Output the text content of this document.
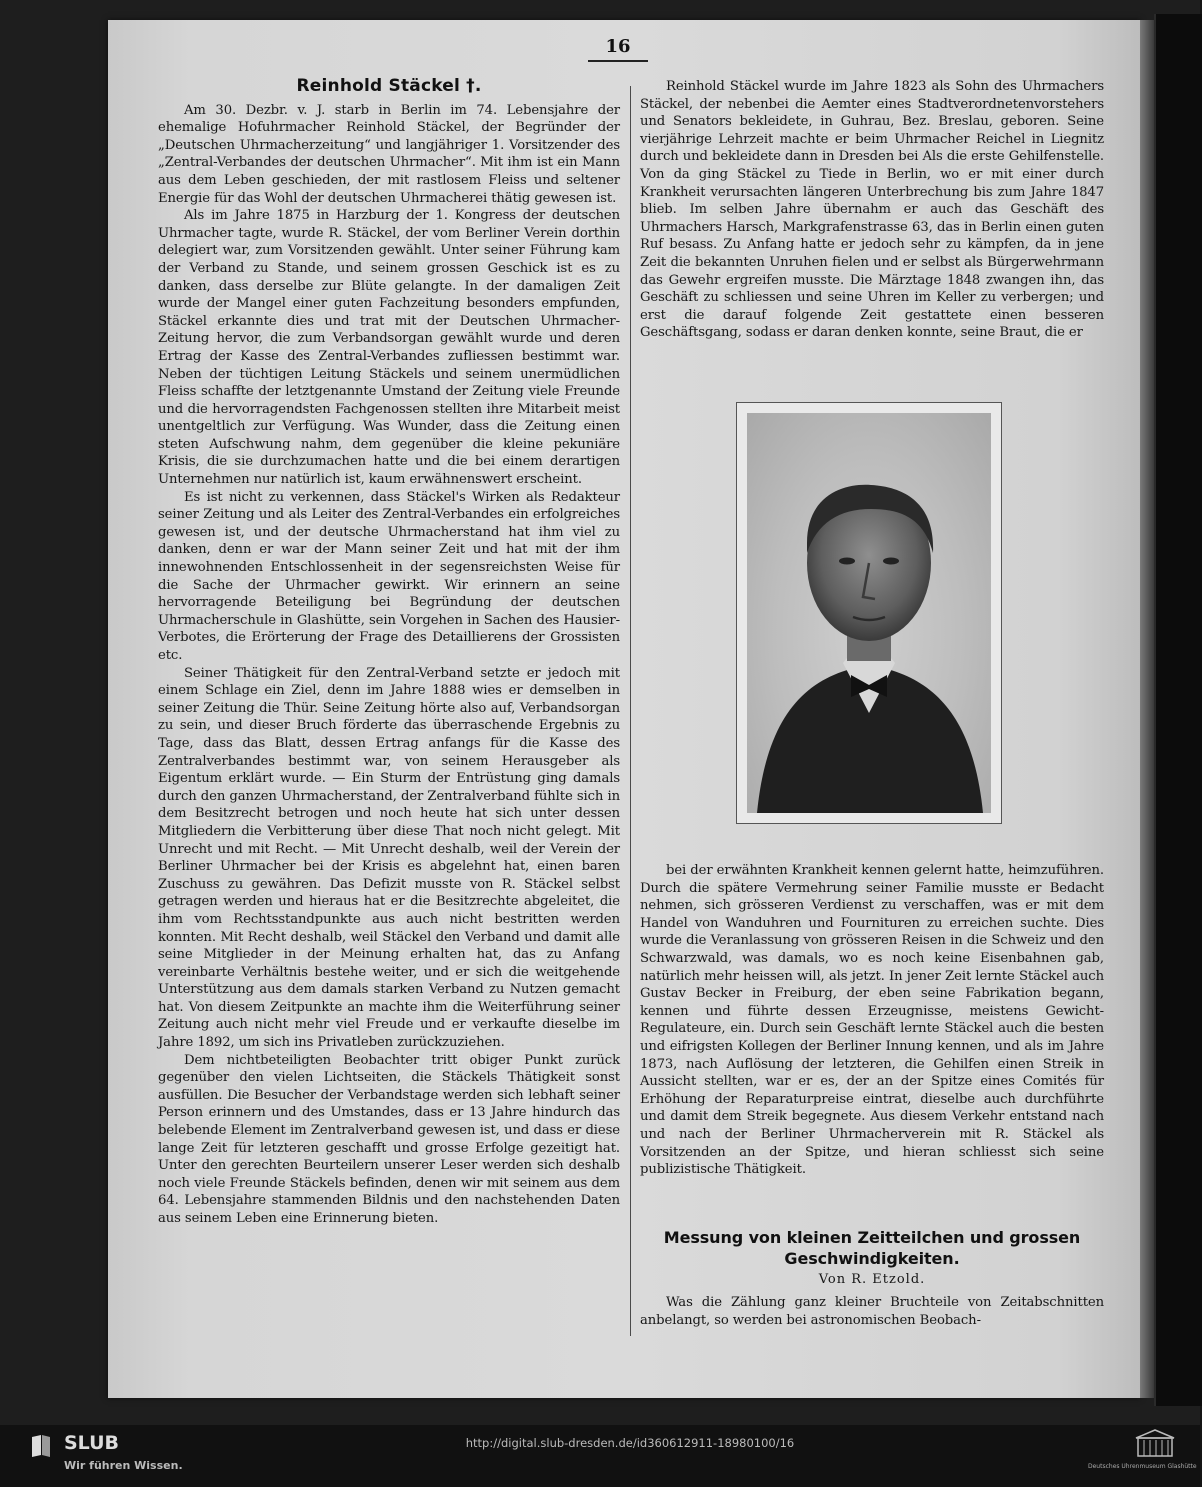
16
Reinhold Stäckel †.

Am 30. Dezbr. v. J. starb in Berlin im 74. Lebensjahre der ehemalige Hofuhrmacher Reinhold Stäckel, der Begründer der „Deutschen Uhrmacherzeitung“ und langjähriger 1. Vorsitzender des „Zentral-Verbandes der deutschen Uhrmacher“. Mit ihm ist ein Mann aus dem Leben geschieden, der mit rastlosem Fleiss und seltener Energie für das Wohl der deutschen Uhrmacherei thätig gewesen ist.

Als im Jahre 1875 in Harzburg der 1. Kongress der deutschen Uhrmacher tagte, wurde R. Stäckel, der vom Berliner Verein dorthin delegiert war, zum Vorsitzenden gewählt. Unter seiner Führung kam der Verband zu Stande, und seinem grossen Geschick ist es zu danken, dass derselbe zur Blüte gelangte. In der damaligen Zeit wurde der Mangel einer guten Fachzeitung besonders empfunden, Stäckel erkannte dies und trat mit der Deutschen Uhrmacher-Zeitung hervor, die zum Verbandsorgan gewählt wurde und deren Ertrag der Kasse des Zentral-Verbandes zufliessen bestimmt war. Neben der tüchtigen Leitung Stäckels und seinem unermüdlichen Fleiss schaffte der letztgenannte Umstand der Zeitung viele Freunde und die hervorragendsten Fachgenossen stellten ihre Mitarbeit meist unentgeltlich zur Verfügung. Was Wunder, dass die Zeitung einen steten Aufschwung nahm, dem gegenüber die kleine pekuniäre Krisis, die sie durchzumachen hatte und die bei einem derartigen Unternehmen nur natürlich ist, kaum erwähnenswert erscheint.

Es ist nicht zu verkennen, dass Stäckel's Wirken als Redakteur seiner Zeitung und als Leiter des Zentral-Verbandes ein erfolgreiches gewesen ist, und der deutsche Uhrmacherstand hat ihm viel zu danken, denn er war der Mann seiner Zeit und hat mit der ihm innewohnenden Entschlossenheit in der segensreichsten Weise für die Sache der Uhrmacher gewirkt. Wir erinnern an seine hervorragende Beteiligung bei Begründung der deutschen Uhrmacherschule in Glashütte, sein Vorgehen in Sachen des Hausier-Verbotes, die Erörterung der Frage des Detaillierens der Grossisten etc.

Seiner Thätigkeit für den Zentral-Verband setzte er jedoch mit einem Schlage ein Ziel, denn im Jahre 1888 wies er demselben in seiner Zeitung die Thür. Seine Zeitung hörte also auf, Verbandsorgan zu sein, und dieser Bruch förderte das überraschende Ergebnis zu Tage, dass das Blatt, dessen Ertrag anfangs für die Kasse des Zentralverbandes bestimmt war, von seinem Herausgeber als Eigentum erklärt wurde. — Ein Sturm der Entrüstung ging damals durch den ganzen Uhrmacherstand, der Zentralverband fühlte sich in dem Besitzrecht betrogen und noch heute hat sich unter dessen Mitgliedern die Verbitterung über diese That noch nicht gelegt. Mit Unrecht und mit Recht. — Mit Unrecht deshalb, weil der Verein der Berliner Uhrmacher bei der Krisis es abgelehnt hat, einen baren Zuschuss zu gewähren. Das Defizit musste von R. Stäckel selbst getragen werden und hieraus hat er die Besitzrechte abgeleitet, die ihm vom Rechtsstandpunkte aus auch nicht bestritten werden konnten. Mit Recht deshalb, weil Stäckel den Verband und damit alle seine Mitglieder in der Meinung erhalten hat, das zu Anfang vereinbarte Verhältnis bestehe weiter, und er sich die weitgehende Unterstützung aus dem damals starken Verband zu Nutzen gemacht hat. Von diesem Zeitpunkte an machte ihm die Weiterführung seiner Zeitung auch nicht mehr viel Freude und er verkaufte dieselbe im Jahre 1892, um sich ins Privatleben zurückzuziehen.

Dem nichtbeteiligten Beobachter tritt obiger Punkt zurück gegenüber den vielen Lichtseiten, die Stäckels Thätigkeit sonst ausfüllen. Die Besucher der Verbandstage werden sich lebhaft seiner Person erinnern und des Umstandes, dass er 13 Jahre hindurch das belebende Element im Zentralverband gewesen ist, und dass er diese lange Zeit für letzteren geschafft und grosse Erfolge gezeitigt hat. Unter den gerechten Beurteilern unserer Leser werden sich deshalb noch viele Freunde Stäckels befinden, denen wir mit seinem aus dem 64. Lebensjahre stammenden Bildnis und den nachstehenden Daten aus seinem Leben eine Erinnerung bieten.

Reinhold Stäckel wurde im Jahre 1823 als Sohn des Uhrmachers Stäckel, der nebenbei die Aemter eines Stadtverordnetenvorstehers und Senators bekleidete, in Guhrau, Bez. Breslau, geboren. Seine vierjährige Lehrzeit machte er beim Uhrmacher Reichel in Liegnitz durch und bekleidete dann in Dresden bei Als die erste Gehilfenstelle. Von da ging Stäckel zu Tiede in Berlin, wo er mit einer durch Krankheit verursachten längeren Unterbrechung bis zum Jahre 1847 blieb. Im selben Jahre übernahm er auch das Geschäft des Uhrmachers Harsch, Markgrafenstrasse 63, das in Berlin einen guten Ruf besass. Zu Anfang hatte er jedoch sehr zu kämpfen, da in jene Zeit die bekannten Unruhen fielen und er selbst als Bürgerwehrmann das Gewehr ergreifen musste. Die Märztage 1848 zwangen ihn, das Geschäft zu schliessen und seine Uhren im Keller zu verbergen; und erst die darauf folgende Zeit gestattete einen besseren Geschäftsgang, sodass er daran denken konnte, seine Braut, die er

bei der erwähnten Krankheit kennen gelernt hatte, heimzuführen. Durch die spätere Vermehrung seiner Familie musste er Bedacht nehmen, sich grösseren Verdienst zu verschaffen, was er mit dem Handel von Wanduhren und Fournituren zu erreichen suchte. Dies wurde die Veranlassung von grösseren Reisen in die Schweiz und den Schwarzwald, was damals, wo es noch keine Eisenbahnen gab, natürlich mehr heissen will, als jetzt. In jener Zeit lernte Stäckel auch Gustav Becker in Freiburg, der eben seine Fabrikation begann, kennen und führte dessen Erzeugnisse, meistens Gewicht-Regulateure, ein. Durch sein Geschäft lernte Stäckel auch die besten und eifrigsten Kollegen der Berliner Innung kennen, und als im Jahre 1873, nach Auflösung der letzteren, die Gehilfen einen Streik in Aussicht stellten, war er es, der an der Spitze eines Comités für Erhöhung der Reparaturpreise eintrat, dieselbe auch durchführte und damit dem Streik begegnete. Aus diesem Verkehr entstand nach und nach der Berliner Uhrmacherverein mit R. Stäckel als Vorsitzenden an der Spitze, und hieran schliesst sich seine publizistische Thätigkeit.

Messung von kleinen Zeitteilchen und grossen Geschwindigkeiten.
Von R. Etzold.

Was die Zählung ganz kleiner Bruchteile von Zeitabschnitten anbelangt, so werden bei astronomischen Beobach-

SLUB
Wir führen Wissen.
http://digital.slub-dresden.de/id360612911-18980100/16
Deutsches Uhrenmuseum Glashütte
